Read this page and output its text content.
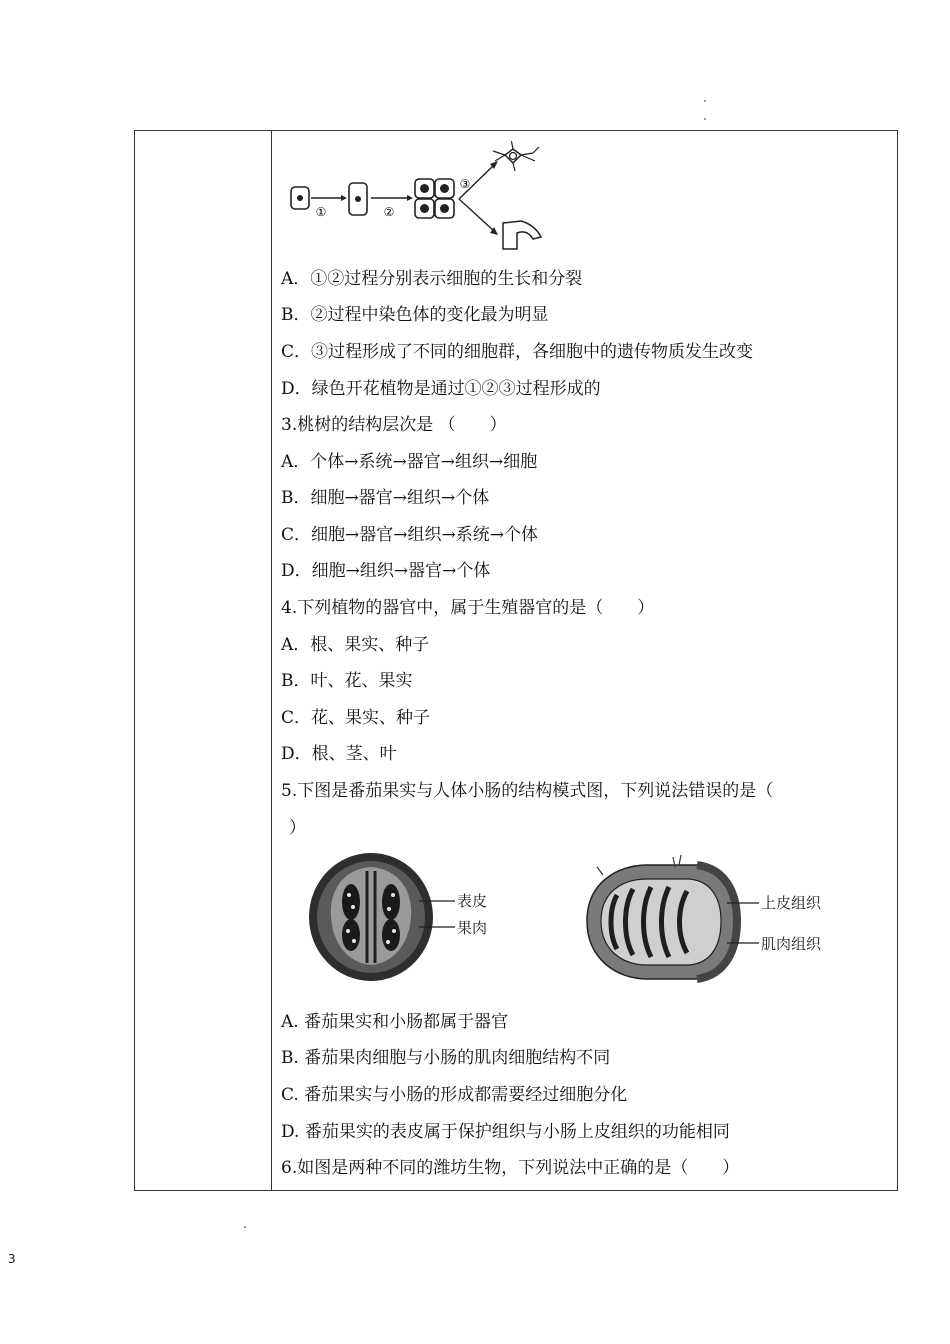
①	②
③
A．①②过程分别表示细胞的生长和分裂
B．②过程中染色体的变化最为明显
C．③过程形成了不同的细胞群，各细胞中的遗传物质发生改变
D．绿色开花植物是通过①②③过程形成的
3.桃树的结构层次是 （　　）
A．个体→系统→器官→组织→细胞
B．细胞→器官→组织→个体
C．细胞→器官→组织→系统→个体
D．细胞→组织→器官→个体
4.下列植物的器官中，属于生殖器官的是（　　）
A．根、果实、种子
B．叶、花、果实
C．花、果实、种子
D．根、茎、叶
5.下图是番茄果实与人体小肠的结构模式图，下列说法错误的是（
）
表皮
果肉
上皮组织
肌肉组织
A. 番茄果实和小肠都属于器官
B. 番茄果肉细胞与小肠的肌肉细胞结构不同
C. 番茄果实与小肠的形成都需要经过细胞分化
D. 番茄果实的表皮属于保护组织与小肠上皮组织的功能相同
6.如图是两种不同的潍坊生物，下列说法中正确的是（　　）
3
